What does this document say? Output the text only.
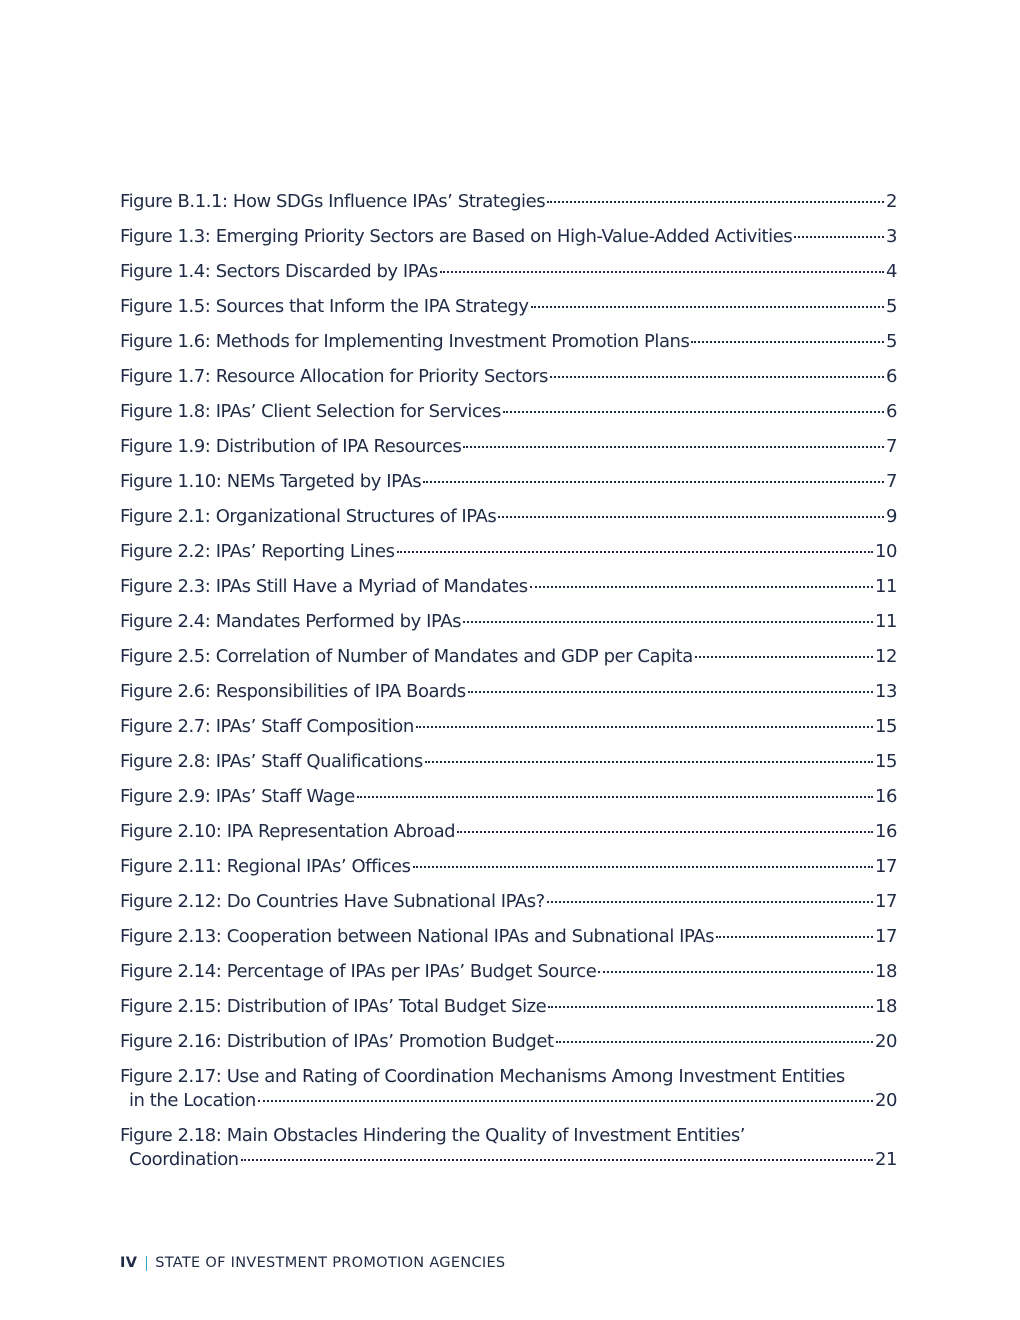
Figure B.1.1: How SDGs Influence IPAs’ Strategies	2
Figure 1.3: Emerging Priority Sectors are Based on High-Value-Added Activities	3
Figure 1.4: Sectors Discarded by IPAs	4
Figure 1.5: Sources that Inform the IPA Strategy	5
Figure 1.6: Methods for Implementing Investment Promotion Plans	5
Figure 1.7: Resource Allocation for Priority Sectors	6
Figure 1.8: IPAs’ Client Selection for Services	6
Figure 1.9: Distribution of IPA Resources	7
Figure 1.10: NEMs Targeted by IPAs	7
Figure 2.1: Organizational Structures of IPAs	9
Figure 2.2: IPAs’ Reporting Lines	10
Figure 2.3: IPAs Still Have a Myriad of Mandates	11
Figure 2.4: Mandates Performed by IPAs	11
Figure 2.5: Correlation of Number of Mandates and GDP per Capita	12
Figure 2.6: Responsibilities of IPA Boards	13
Figure 2.7: IPAs’ Staff Composition	15
Figure 2.8: IPAs’ Staff Qualifications	15
Figure 2.9: IPAs’ Staff Wage	16
Figure 2.10: IPA Representation Abroad	16
Figure 2.11: Regional IPAs’ Offices	17
Figure 2.12: Do Countries Have Subnational IPAs?	17
Figure 2.13: Cooperation between National IPAs and Subnational IPAs	17
Figure 2.14: Percentage of IPAs per IPAs’ Budget Source	18
Figure 2.15: Distribution of IPAs’ Total Budget Size	18
Figure 2.16: Distribution of IPAs’ Promotion Budget	20
Figure 2.17: Use and Rating of Coordination Mechanisms Among Investment Entities
in the Location	20
Figure 2.18: Main Obstacles Hindering the Quality of Investment Entities’
Coordination	21
IV STATE OF INVESTMENT PROMOTION AGENCIES
